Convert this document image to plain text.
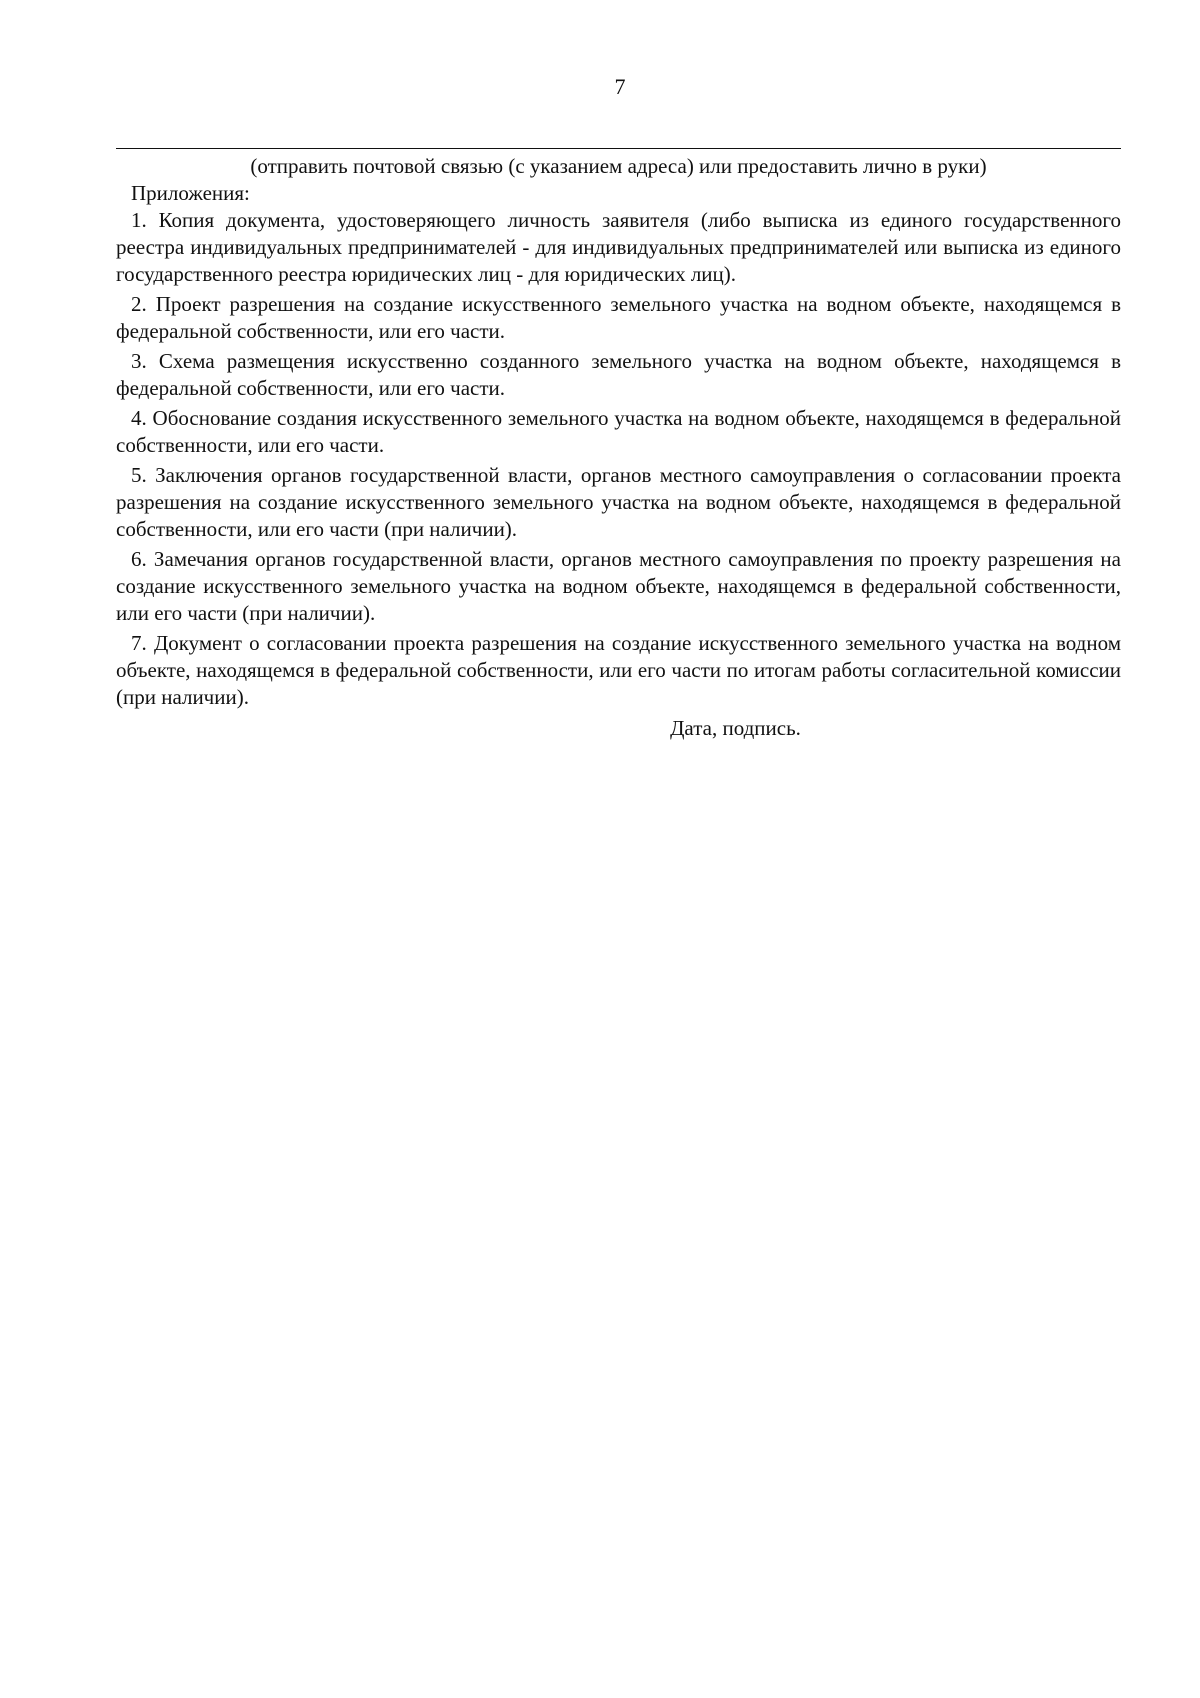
7
(отправить почтовой связью (с указанием адреса) или предоставить лично в руки)
Приложения:

1. Копия документа, удостоверяющего личность заявителя (либо выписка из единого государственного реестра индивидуальных предпринимателей - для индивидуальных предпринимателей или выписка из единого государственного реестра юридических лиц - для юридических лиц).

2. Проект разрешения на создание искусственного земельного участка на водном объекте, находящемся в федеральной собственности, или его части.

3. Схема размещения искусственно созданного земельного участка на водном объекте, находящемся в федеральной собственности, или его части.

4. Обоснование создания искусственного земельного участка на водном объекте, находящемся в федеральной собственности, или его части.

5. Заключения органов государственной власти, органов местного самоуправления о согласовании проекта разрешения на создание искусственного земельного участка на водном объекте, находящемся в федеральной собственности, или его части (при наличии).

6. Замечания органов государственной власти, органов местного самоуправления по проекту разрешения на создание искусственного земельного участка на водном объекте, находящемся в федеральной собственности, или его части (при наличии).

7. Документ о согласовании проекта разрешения на создание искусственного земельного участка на водном объекте, находящемся в федеральной собственности, или его части по итогам работы согласительной комиссии (при наличии).

Дата, подпись.
